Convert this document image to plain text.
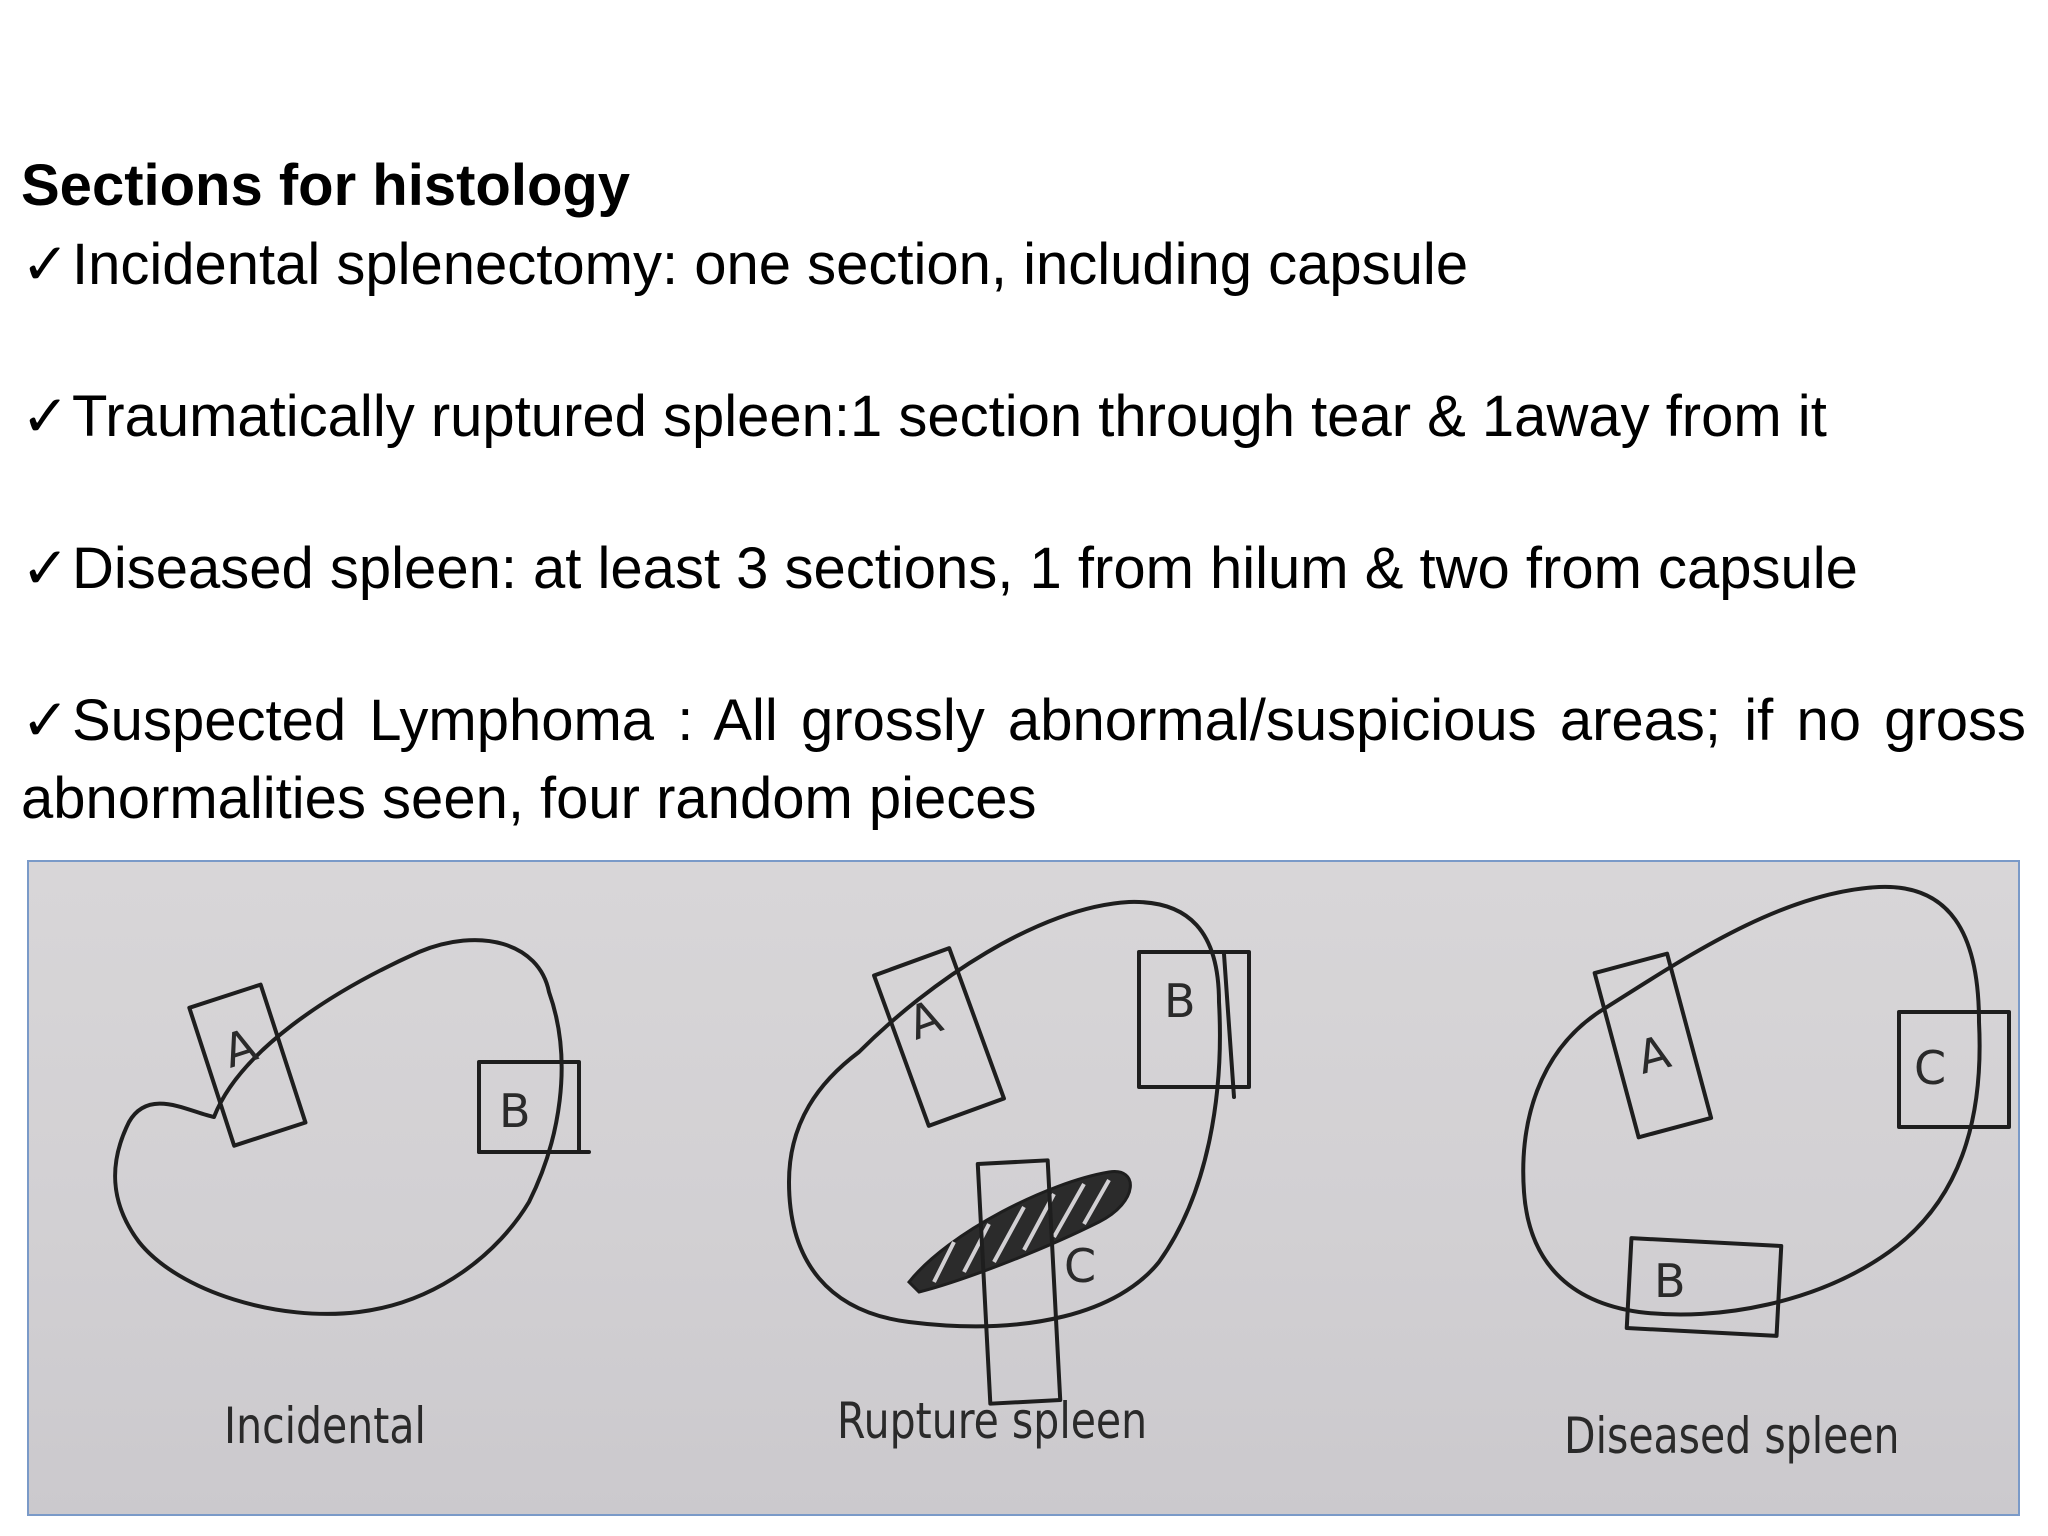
Sections for histology
✓Incidental splenectomy: one section, including capsule
✓Traumatically ruptured spleen:1 section through tear & 1away from it
✓Diseased spleen: at least 3 sections, 1 from hilum & two from capsule
✓Suspected Lymphoma : All grossly abnormal/suspicious areas; if no gross abnormalities seen, four random pieces
A
B
A	B
C
A
B
C
Incidental	Rupture spleen	Diseased spleen
